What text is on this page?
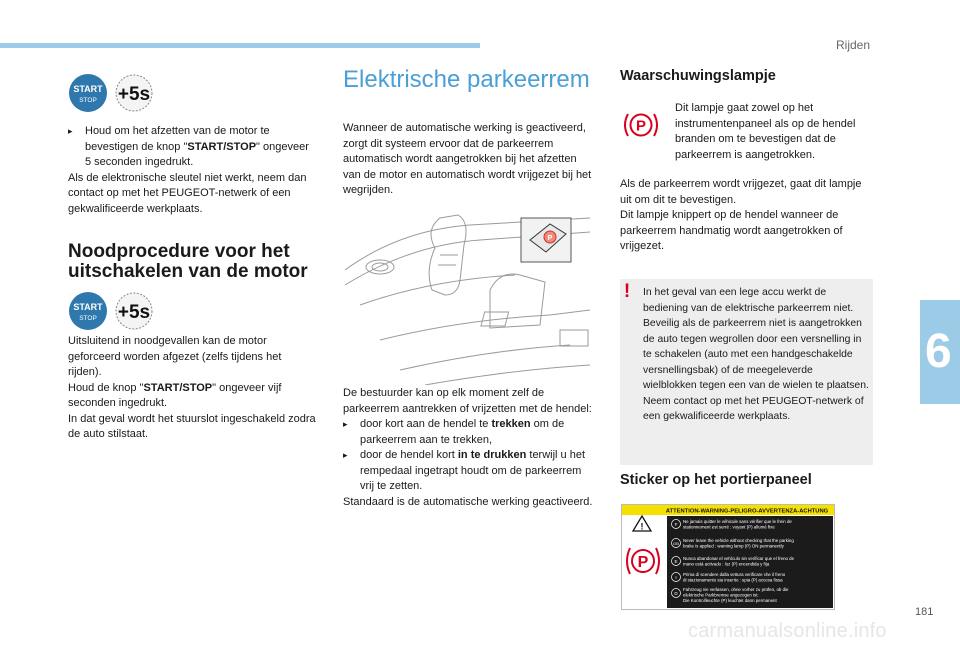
Rijden
6
181
carmanualsonline.info
START
STOP +5s

▸ Houd om het afzetten van de motor te bevestigen de knop "START/STOP" ongeveer 5 seconden ingedrukt.

Als de elektronische sleutel niet werkt, neem dan contact op met het PEUGEOT-netwerk of een gekwalificeerde werkplaats.

Noodprocedure voor het uitschakelen van de motor
START
STOP +5s

Uitsluitend in noodgevallen kan de motor geforceerd worden afgezet (zelfs tijdens het rijden).

Houd de knop "START/STOP" ongeveer vijf seconden ingedrukt.

In dat geval wordt het stuurslot ingeschakeld zodra de auto stilstaat.

Elektrische parkeerrem
Wanneer de automatische werking is geactiveerd, zorgt dit systeem ervoor dat de parkeerrem automatisch wordt aangetrokken bij het afzetten van de motor en automatisch wordt vrijgezet bij het wegrijden.
P

De bestuurder kan op elk moment zelf de parkeerrem aantrekken of vrijzetten met de hendel:

▸ door kort aan de hendel te trekken om de parkeerrem aan te trekken,

▸ door de hendel kort in te drukken terwijl u het rempedaal ingetrapt houdt om de parkeerrem vrij te zetten.

Standaard is de automatische werking geactiveerd.

Waarschuwingslampje
P
Dit lampje gaat zowel op het instrumentenpaneel als op de hendel branden om te bevestigen dat de parkeerrem is aangetrokken.

Als de parkeerrem wordt vrijgezet, gaat dit lampje uit om dit te bevestigen.

Dit lampje knippert op de hendel wanneer de parkeerrem handmatig wordt aangetrokken of vrijgezet.

!	In het geval van een lege accu werkt de bediening van de elektrische parkeerrem niet.

Beveilig als de parkeerrem niet is aangetrokken de auto tegen wegrollen door een versnelling in te schakelen (auto met een handgeschakelde versnellingsbak) of de meegeleverde wielblokken tegen een van de wielen te plaatsen.

Neem contact op met het PEUGEOT-netwerk of een gekwalificeerde werkplaats.

Sticker op het portierpaneel
ATTENTION-WARNING-PELIGRO-AVVERTENZA-ACHTUNG
!
P
F
Ne jamais quitter le véhicule sans vérifier que le frein de
stationnement est serré : voyant (P) allumé fixe
GB
Never leave the vehicle without checking that the parking
brake is applied : warning lamp (P) ON permanently
E
Nunca abandonar el vehículo sin verificar que el freno de
mano está activado : luz (P) encendida y fija
I
Prima di scendere dalla vettura verificare che il freno
di stazionamento sia inserito : spia (P) accesa fissa
D
Fahrzeug nie verlassen, ohne vorher zu prüfen, ob die
elektrische Parkbremse angezogen ist:
Die Kontrollleuchte (P) leuchtet dann permanent
